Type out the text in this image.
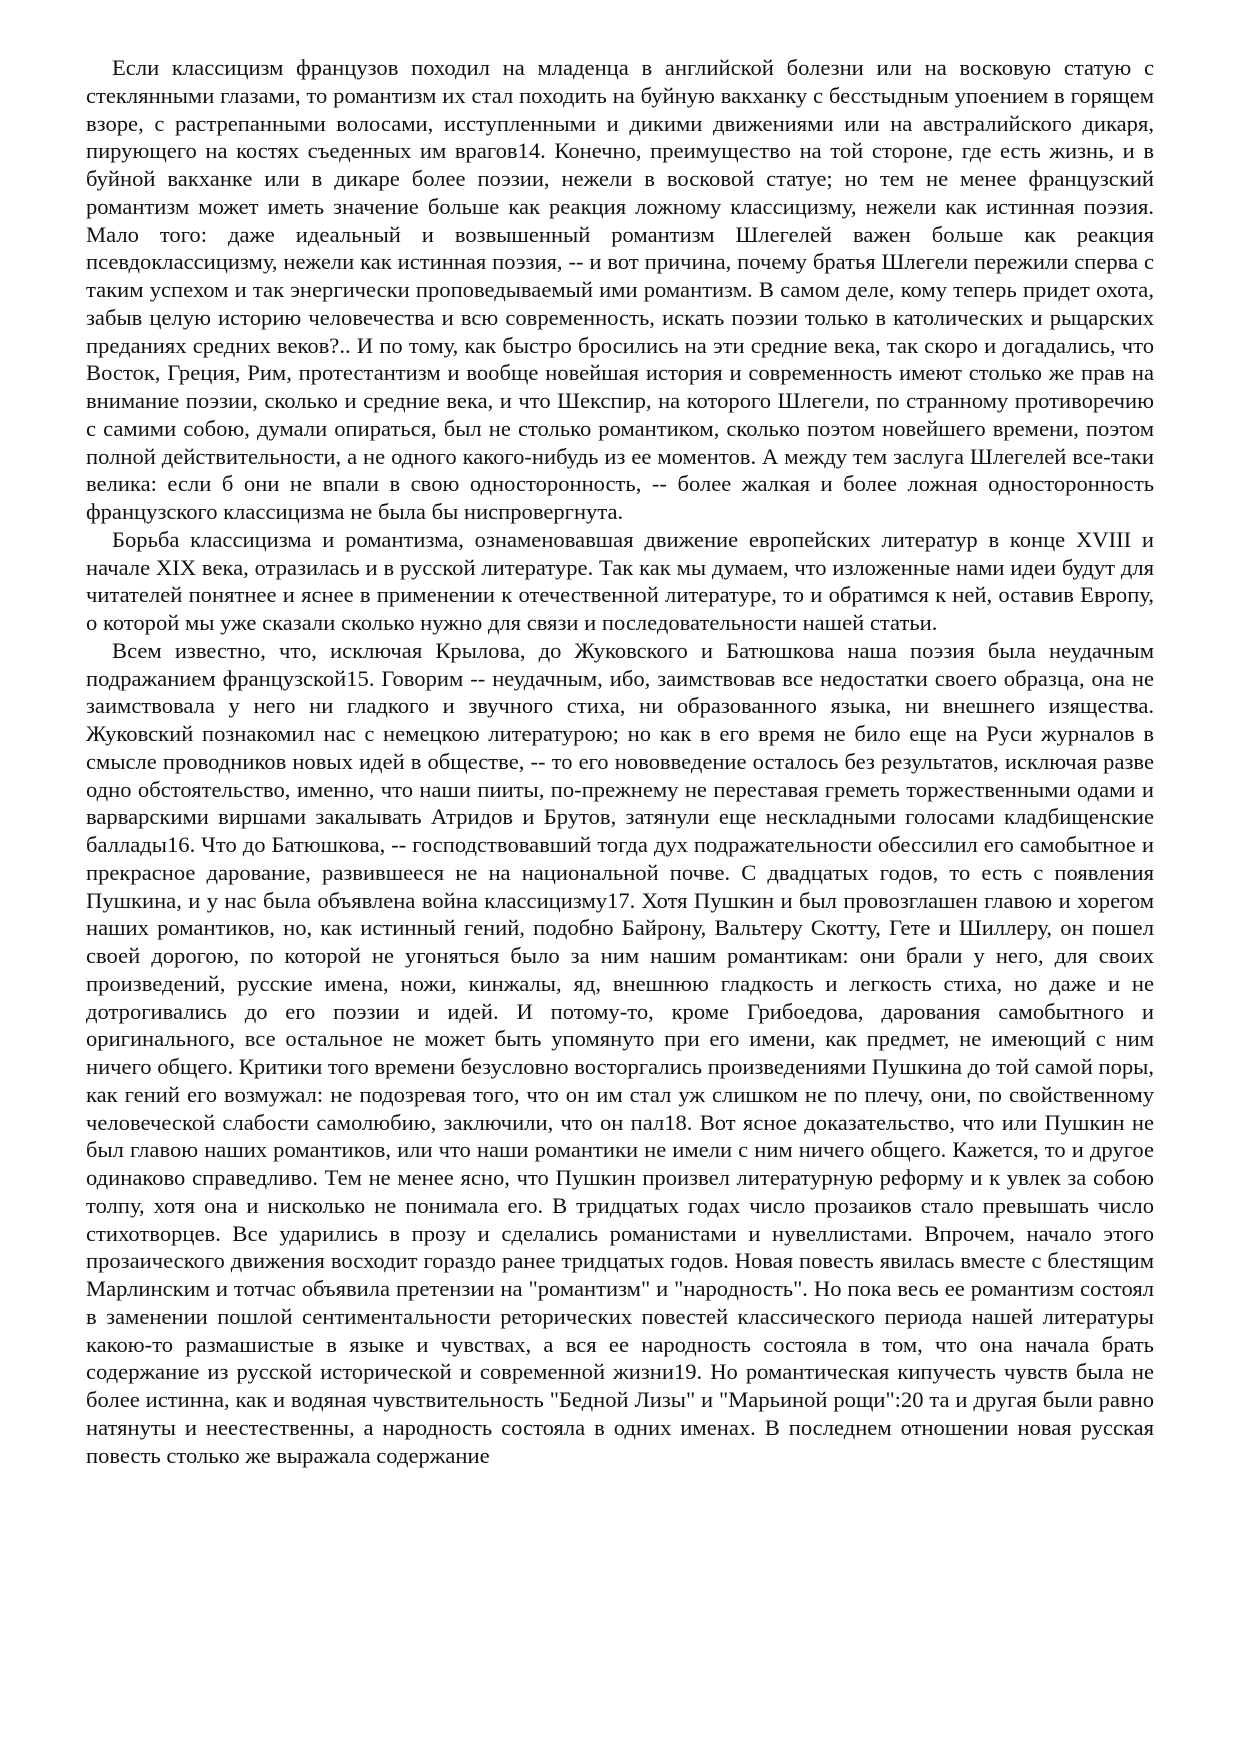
Если классицизм французов походил на младенца в английской болезни или на восковую статую с стеклянными глазами, то романтизм их стал походить на буйную вакханку с бесстыдным упоением в горящем взоре, с растрепанными волосами, исступленными и дикими движениями или на австралийского дикаря, пирующего на костях съеденных им врагов14. Конечно, преимущество на той стороне, где есть жизнь, и в буйной вакханке или в дикаре более поэзии, нежели в восковой статуе; но тем не менее французский романтизм может иметь значение больше как реакция ложному классицизму, нежели как истинная поэзия. Мало того: даже идеальный и возвышенный романтизм Шлегелей важен больше как реакция псевдоклассицизму, нежели как истинная поэзия, -- и вот причина, почему братья Шлегели пережили сперва с таким успехом и так энергически проповедываемый ими романтизм. В самом деле, кому теперь придет охота, забыв целую историю человечества и всю современность, искать поэзии только в католических и рыцарских преданиях средних веков?.. И по тому, как быстро бросились на эти средние века, так скоро и догадались, что Восток, Греция, Рим, протестантизм и вообще новейшая история и современность имеют столько же прав на внимание поэзии, сколько и средние века, и что Шекспир, на которого Шлегели, по странному противоречию с самими собою, думали опираться, был не столько романтиком, сколько поэтом новейшего времени, поэтом полной действительности, а не одного какого-нибудь из ее моментов. А между тем заслуга Шлегелей все-таки велика: если б они не впали в свою односторонность, -- более жалкая и более ложная односторонность французского классицизма не была бы ниспровергнута.

Борьба классицизма и романтизма, ознаменовавшая движение европейских литератур в конце XVIII и начале XIX века, отразилась и в русской литературе. Так как мы думаем, что изложенные нами идеи будут для читателей понятнее и яснее в применении к отечественной литературе, то и обратимся к ней, оставив Европу, о которой мы уже сказали сколько нужно для связи и последовательности нашей статьи.

Всем известно, что, исключая Крылова, до Жуковского и Батюшкова наша поэзия была неудачным подражанием французской15. Говорим -- неудачным, ибо, заимствовав все недостатки своего образца, она не заимствовала у него ни гладкого и звучного стиха, ни образованного языка, ни внешнего изящества. Жуковский познакомил нас с немецкою литературою; но как в его время не било еще на Руси журналов в смысле проводников новых идей в обществе, -- то его нововведение осталось без результатов, исключая разве одно обстоятельство, именно, что наши пииты, по-прежнему не переставая греметь торжественными одами и варварскими виршами закалывать Атридов и Брутов, затянули еще нескладными голосами кладбищенские баллады16. Что до Батюшкова, -- господствовавший тогда дух подражательности обессилил его самобытное и прекрасное дарование, развившееся не на национальной почве. С двадцатых годов, то есть с появления Пушкина, и у нас была объявлена война классицизму17. Хотя Пушкин и был провозглашен главою и хорегом наших романтиков, но, как истинный гений, подобно Байрону, Вальтеру Скотту, Гете и Шиллеру, он пошел своей дорогою, по которой не угоняться было за ним нашим романтикам: они брали у него, для своих произведений, русские имена, ножи, кинжалы, яд, внешнюю гладкость и легкость стиха, но даже и не дотрогивались до его поэзии и идей. И потому-то, кроме Грибоедова, дарования самобытного и оригинального, все остальное не может быть упомянуто при его имени, как предмет, не имеющий с ним ничего общего. Критики того времени безусловно восторгались произведениями Пушкина до той самой поры, как гений его возмужал: не подозревая того, что он им стал уж слишком не по плечу, они, по свойственному человеческой слабости самолюбию, заключили, что он пал18. Вот ясное доказательство, что или Пушкин не был главою наших романтиков, или что наши романтики не имели с ним ничего общего. Кажется, то и другое одинаково справедливо. Тем не менее ясно, что Пушкин произвел литературную реформу и к увлек за собою толпу, хотя она и нисколько не понимала его. В тридцатых годах число прозаиков стало превышать число стихотворцев. Все ударились в прозу и сделались романистами и нувеллистами. Впрочем, начало этого прозаического движения восходит гораздо ранее тридцатых годов. Новая повесть явилась вместе с блестящим Марлинским и тотчас объявила претензии на "романтизм" и "народность". Но пока весь ее романтизм состоял в заменении пошлой сентиментальности реторических повестей классического периода нашей литературы какою-то размашистые в языке и чувствах, а вся ее народность состояла в том, что она начала брать содержание из русской исторической и современной жизни19. Но романтическая кипучесть чувств была не более истинна, как и водяная чувствительность "Бедной Лизы" и "Марьиной рощи":20 та и другая были равно натянуты и неестественны, а народность состояла в одних именах. В последнем отношении новая русская повесть столько же выражала содержание
